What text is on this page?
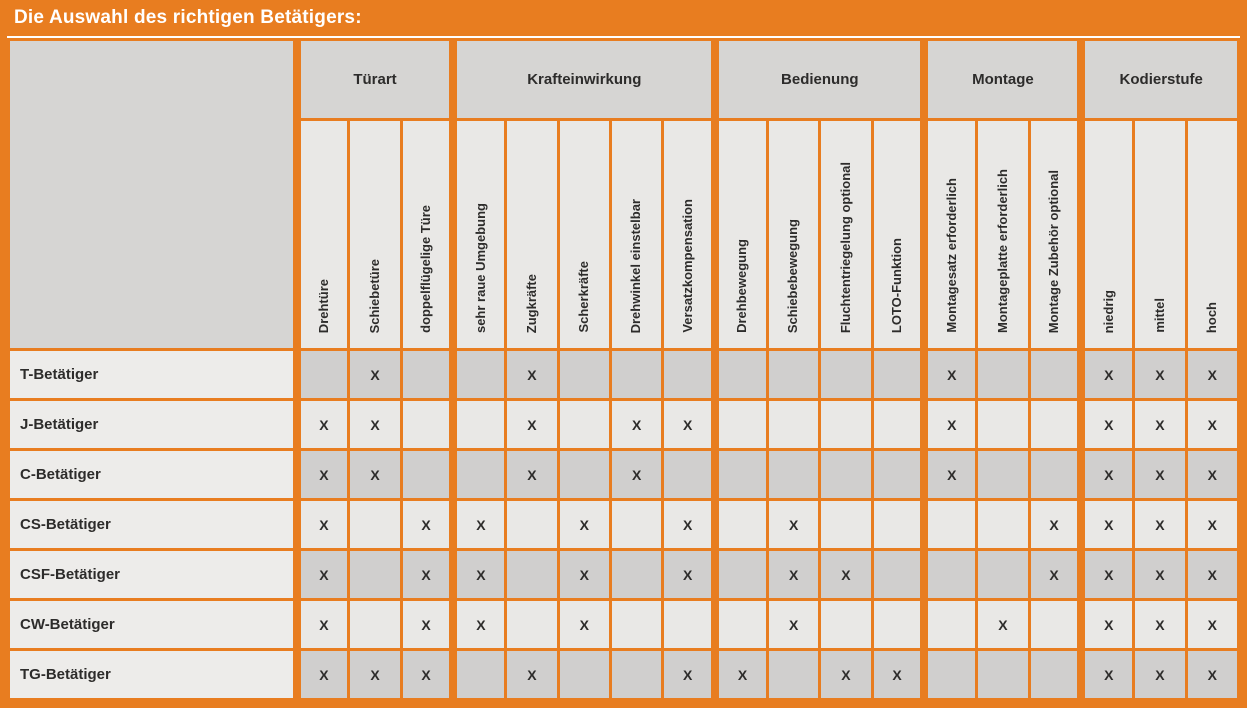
Die Auswahl des richtigen Betätigers:
	Türart			Krafteinwirkung					Bedienung				Montage			Kodierstufe		
	Drehtüre	Schiebetüre	doppelflügelige Türe	sehr raue Umgebung	Zugkräfte	Scherkräfte	Drehwinkel einstelbar	Versatzkompensation	Drehbewegung	Schiebebewegung	Fluchtentriegelung optional	LOTO-Funktion	Montagesatz erforderlich	Montageplatte erforderlich	Montage Zubehör optional	niedrig	mittel	hoch
T-Betätiger		X			X								X			X	X	X
J-Betätiger	X	X			X		X	X					X			X	X	X
C-Betätiger	X	X			X		X						X			X	X	X
CS-Betätiger	X		X	X		X		X		X					X	X	X	X
CSF-Betätiger	X		X	X		X		X		X	X				X	X	X	X
CW-Betätiger	X		X	X		X				X				X		X	X	X
TG-Betätiger	X	X	X		X			X	X		X	X				X	X	X
